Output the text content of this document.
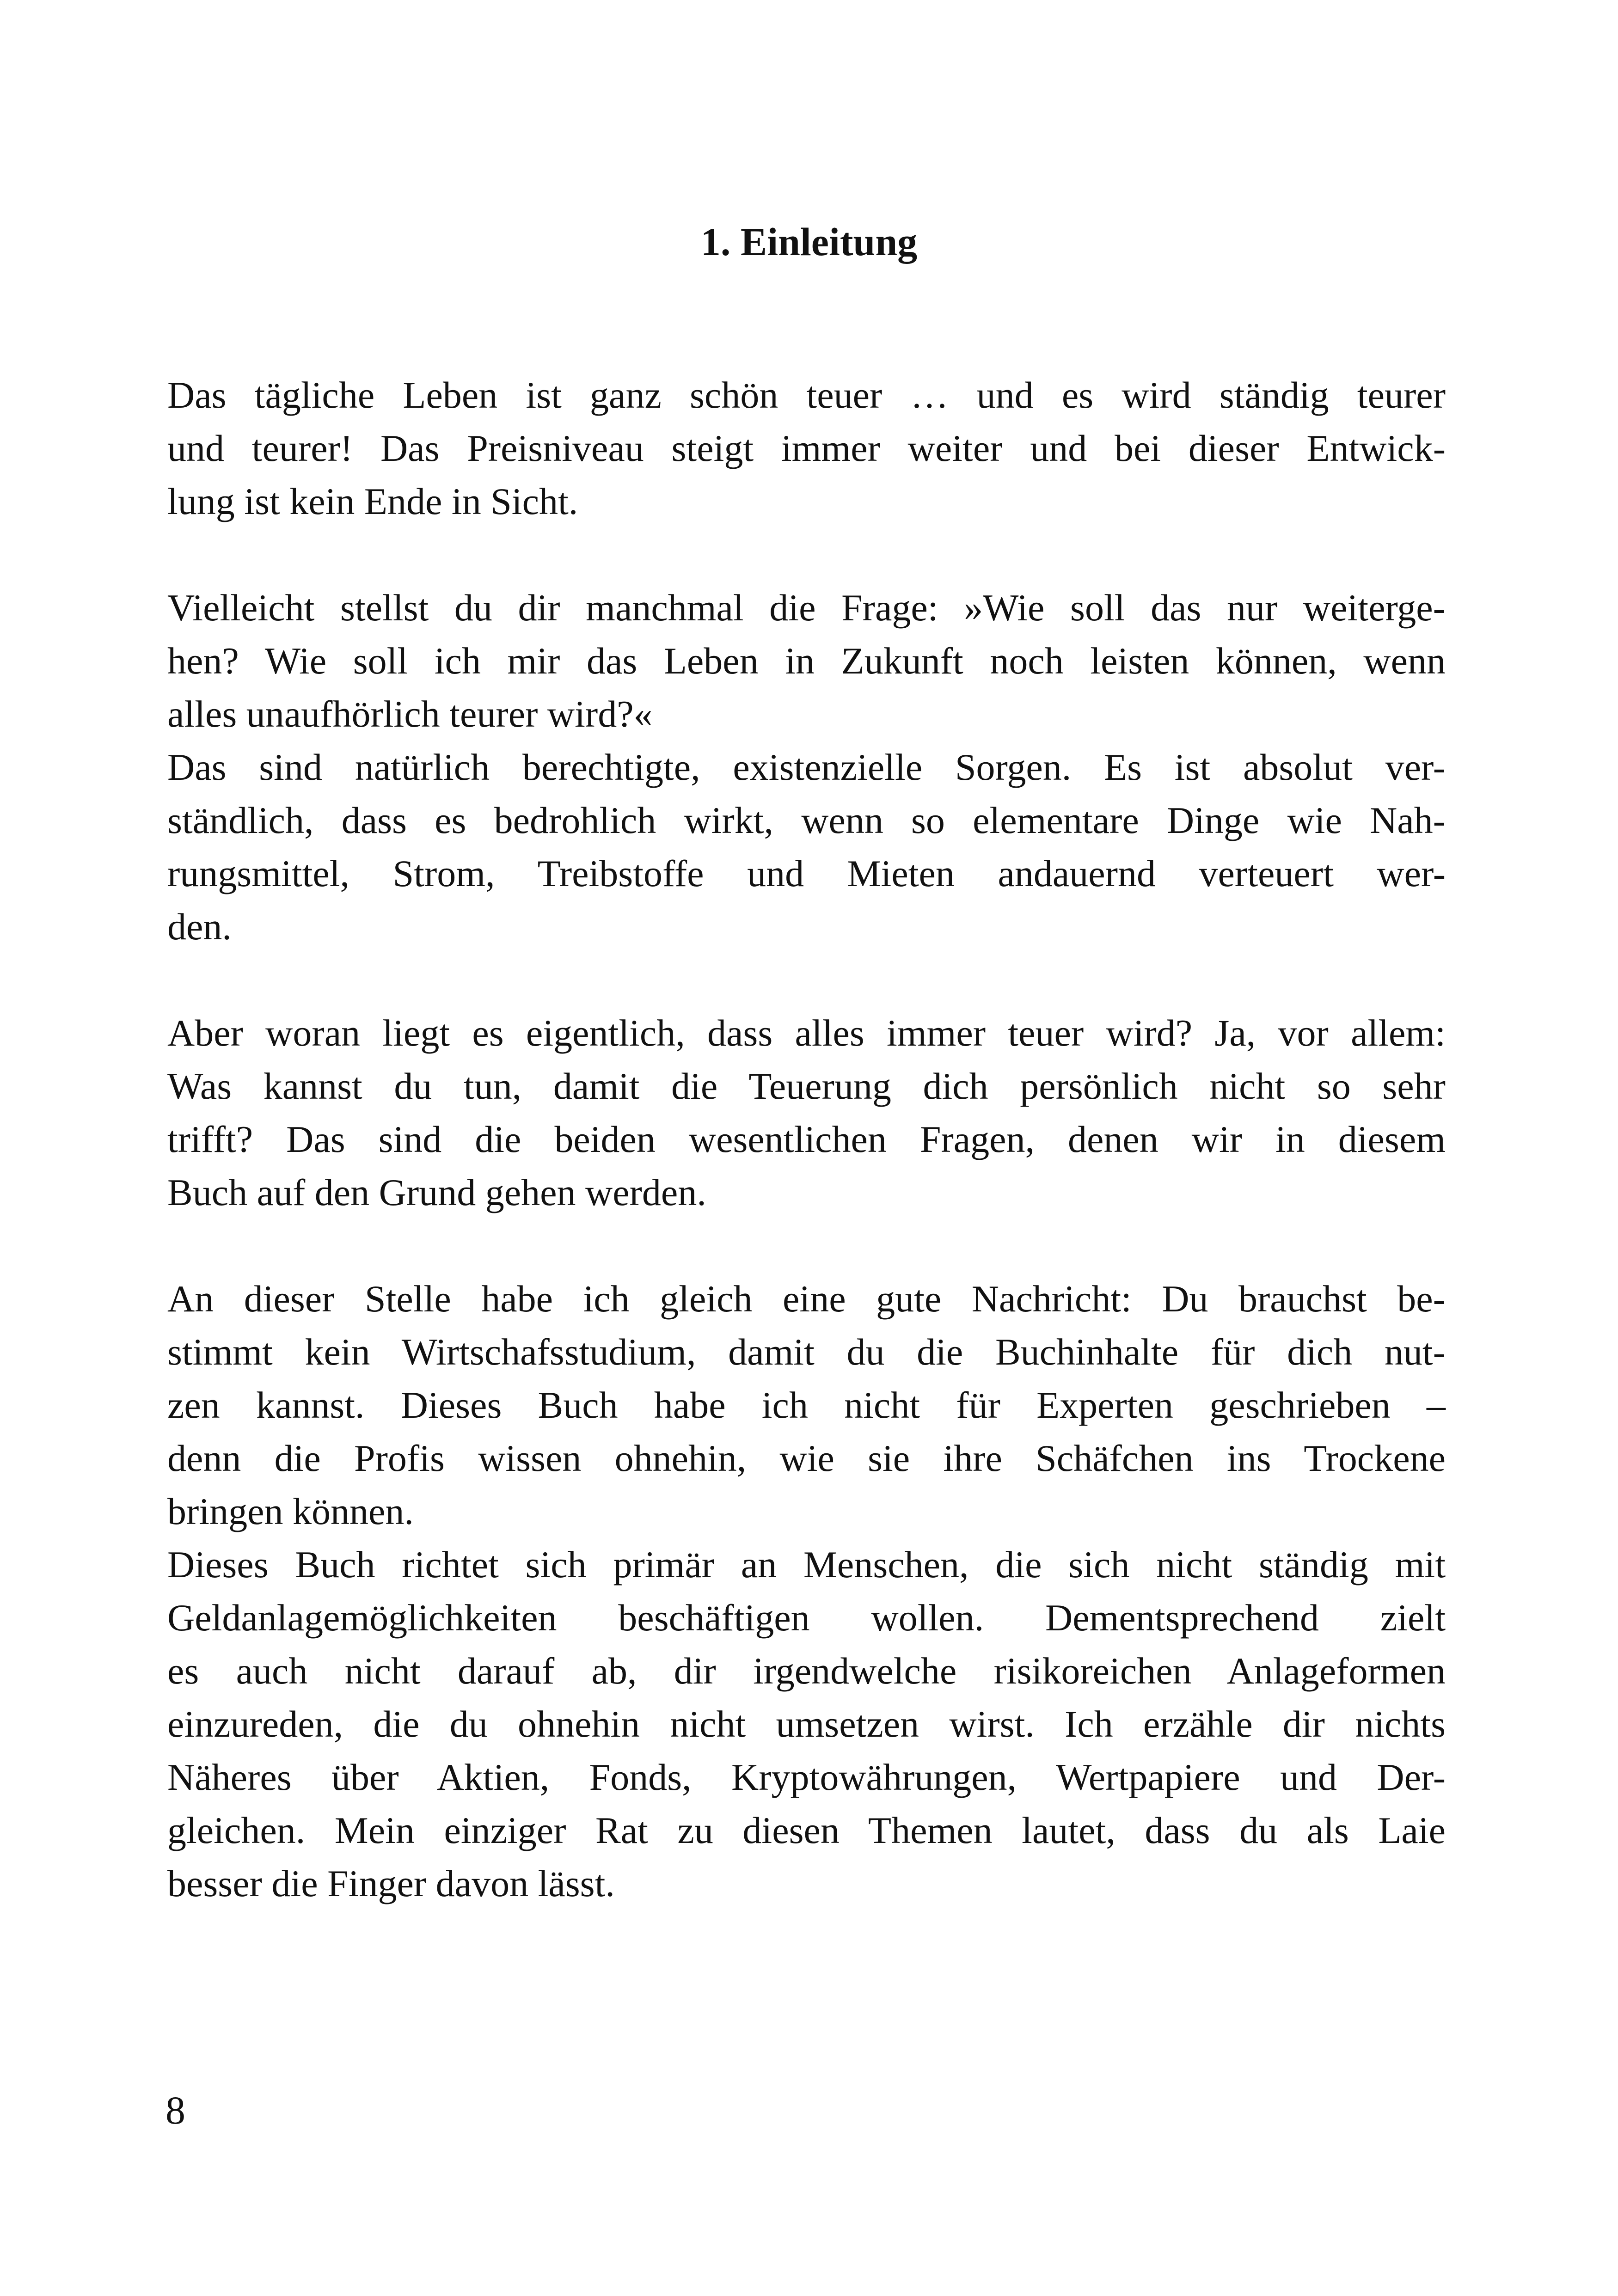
1. Einleitung
Das tägliche Leben ist ganz schön teuer … und es wird ständig teurer
und teurer! Das Preisniveau steigt immer weiter und bei dieser Entwick-
lung ist kein Ende in Sicht.
Vielleicht stellst du dir manchmal die Frage: »Wie soll das nur weiterge-
hen? Wie soll ich mir das Leben in Zukunft noch leisten können, wenn
alles unaufhörlich teurer wird?«
Das sind natürlich berechtigte, existenzielle Sorgen. Es ist absolut ver-
ständlich, dass es bedrohlich wirkt, wenn so elementare Dinge wie Nah-
rungsmittel, Strom, Treibstoffe und Mieten andauernd verteuert wer-
den.
Aber woran liegt es eigentlich, dass alles immer teuer wird? Ja, vor allem:
Was kannst du tun, damit die Teuerung dich persönlich nicht so sehr
trifft? Das sind die beiden wesentlichen Fragen, denen wir in diesem
Buch auf den Grund gehen werden.
An dieser Stelle habe ich gleich eine gute Nachricht: Du brauchst be-
stimmt kein Wirtschafsstudium, damit du die Buchinhalte für dich nut-
zen kannst. Dieses Buch habe ich nicht für Experten geschrieben –
denn die Profis wissen ohnehin, wie sie ihre Schäfchen ins Trockene
bringen können.
Dieses Buch richtet sich primär an Menschen, die sich nicht ständig mit
Geldanlagemöglichkeiten beschäftigen wollen. Dementsprechend zielt
es auch nicht darauf ab, dir irgendwelche risikoreichen Anlageformen
einzureden, die du ohnehin nicht umsetzen wirst. Ich erzähle dir nichts
Näheres über Aktien, Fonds, Kryptowährungen, Wertpapiere und Der-
gleichen. Mein einziger Rat zu diesen Themen lautet, dass du als Laie
besser die Finger davon lässt.
8
